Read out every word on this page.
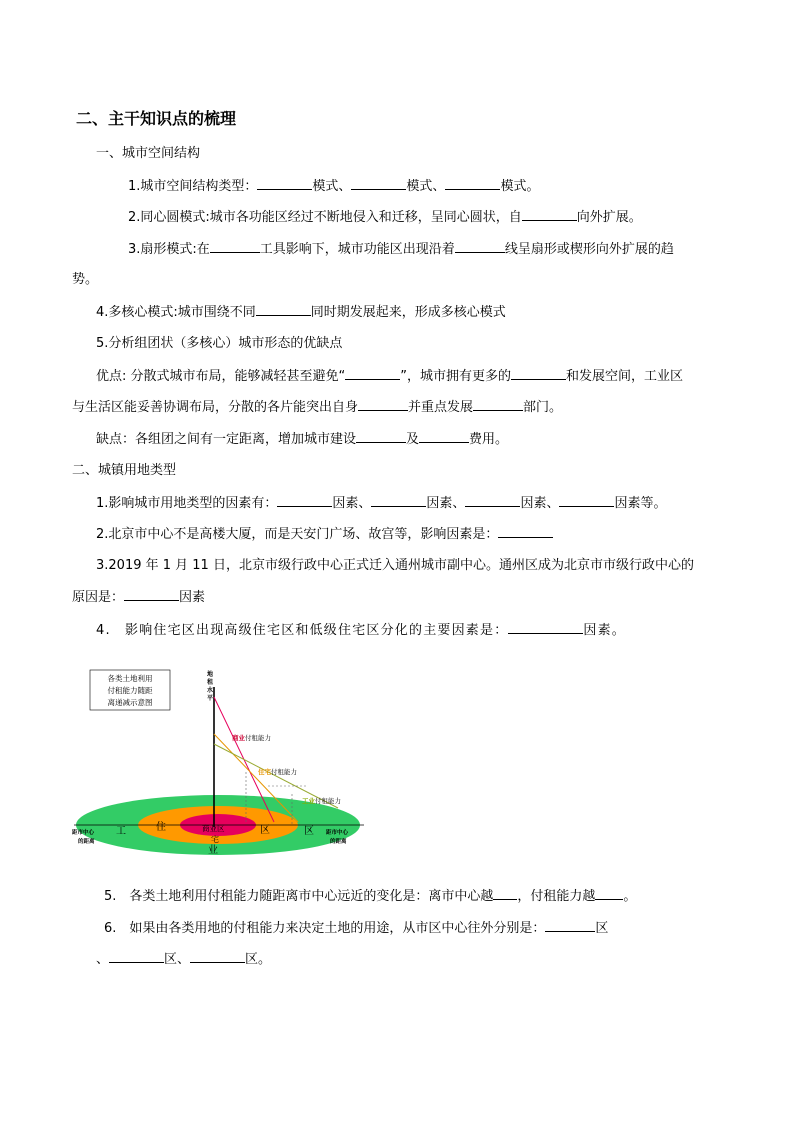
二、主干知识点的梳理
一、城市空间结构
1.城市空间结构类型：	模式、	模式、	模式。
2.同心圆模式:城市各功能区经过不断地侵入和迁移，呈同心圆状，自	向外扩展。
3.扇形模式:在	工具影响下，城市功能区出现沿着	线呈扇形或楔形向外扩展的趋
势。
4.多核心模式:城市围绕不同	同时期发展起来，形成多核心模式
5.分析组团状（多核心）城市形态的优缺点
优点: 分散式城市布局，能够减轻甚至避免“	”，城市拥有更多的	和发展空间，工业区
与生活区能妥善协调布局，分散的各片能突出自身	并重点发展	部门。
缺点：各组团之间有一定距离，增加城市建设	及	费用。
二、城镇用地类型
1.影响城市用地类型的因素有：	因素、	因素、	因素、	因素等。
2.北京市中心不是高楼大厦，而是天安门广场、故宫等，影响因素是：
3.2019 年 1 月 11 日，北京市级行政中心正式迁入通州城市副中心。通州区成为北京市市级行政中心的
原因是：	因素
4.　影响住宅区出现高级住宅区和低级住宅区分化的主要因素是：	因素。
各类土地利用
付租能力随距
离递减示意图
地
租
水
平
商业付租能力
住宅付租能力
工业付租能力
商业区
工	住	区	区
宅
业
距市中心
的距离
距市中心
的距离
5.　各类土地利用付租能力随距离市中心远近的变化是：离市中心越 ，付租能力越 。
6.　如果由各类用地的付租能力来决定土地的用途，从市区中心往外分别是：	区
、	区、	区。
